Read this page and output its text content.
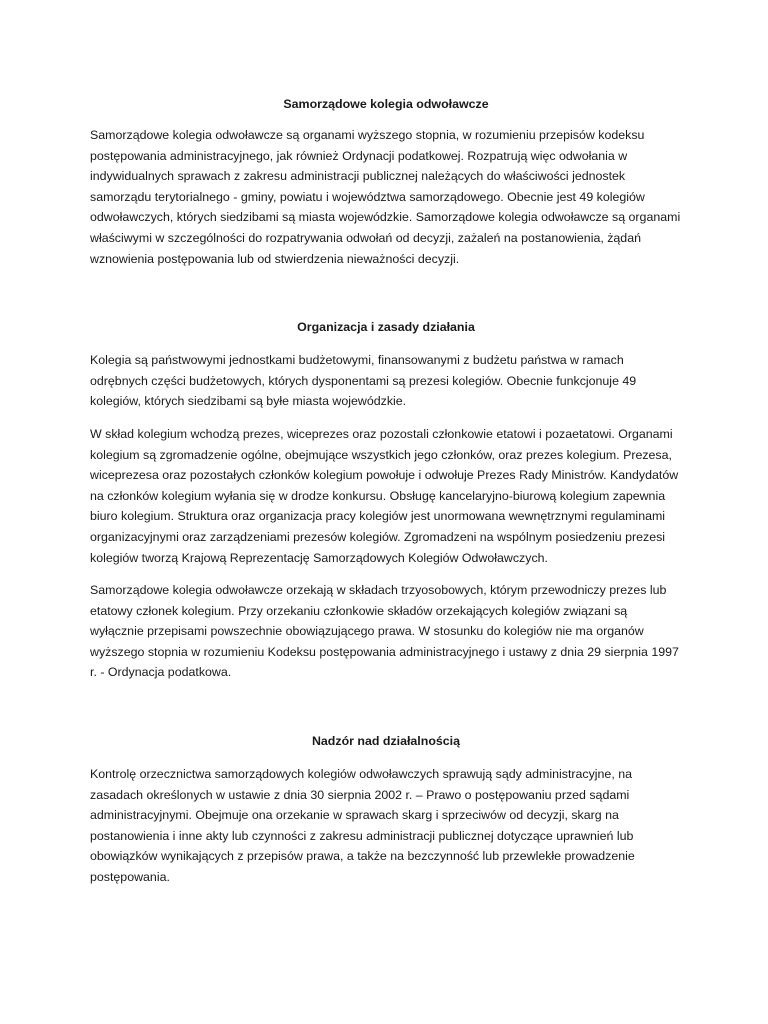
Samorządowe kolegia odwoławcze

Samorządowe kolegia odwoławcze są organami wyższego stopnia, w rozumieniu przepisów kodeksu postępowania administracyjnego, jak również Ordynacji podatkowej. Rozpatrują więc odwołania w indywidualnych sprawach z zakresu administracji publicznej należących do właściwości jednostek samorządu terytorialnego - gminy, powiatu i województwa samorządowego. Obecnie jest 49 kolegiów odwoławczych, których siedzibami są miasta wojewódzkie. Samorządowe kolegia odwoławcze są organami właściwymi w szczególności do rozpatrywania odwołań od decyzji, zażaleń na postanowienia, żądań wznowienia postępowania lub od stwierdzenia nieważności decyzji.

Organizacja i zasady działania

Kolegia są państwowymi jednostkami budżetowymi, finansowanymi z budżetu państwa w ramach odrębnych części budżetowych, których dysponentami są prezesi kolegiów. Obecnie funkcjonuje 49 kolegiów, których siedzibami są byłe miasta wojewódzkie.

W skład kolegium wchodzą prezes, wiceprezes oraz pozostali członkowie etatowi i pozaetatowi. Organami kolegium są zgromadzenie ogólne, obejmujące wszystkich jego członków, oraz prezes kolegium. Prezesa, wiceprezesa oraz pozostałych członków kolegium powołuje i odwołuje Prezes Rady Ministrów. Kandydatów na członków kolegium wyłania się w drodze konkursu. Obsługę kancelaryjno-biurową kolegium zapewnia biuro kolegium. Struktura oraz organizacja pracy kolegiów jest unormowana wewnętrznymi regulaminami organizacyjnymi oraz zarządzeniami prezesów kolegiów. Zgromadzeni na wspólnym posiedzeniu prezesi kolegiów tworzą Krajową Reprezentację Samorządowych Kolegiów Odwoławczych.

Samorządowe kolegia odwoławcze orzekają w składach trzyosobowych, którym przewodniczy prezes lub etatowy członek kolegium. Przy orzekaniu członkowie składów orzekających kolegiów związani są wyłącznie przepisami powszechnie obowiązującego prawa. W stosunku do kolegiów nie ma organów wyższego stopnia w rozumieniu Kodeksu postępowania administracyjnego i ustawy z dnia 29 sierpnia 1997 r. - Ordynacja podatkowa.

Nadzór nad działalnością

Kontrolę orzecznictwa samorządowych kolegiów odwoławczych sprawują sądy administracyjne, na zasadach określonych w ustawie z dnia 30 sierpnia 2002 r. – Prawo o postępowaniu przed sądami administracyjnymi. Obejmuje ona orzekanie w sprawach skarg i sprzeciwów od decyzji, skarg na postanowienia i inne akty lub czynności z zakresu administracji publicznej dotyczące uprawnień lub obowiązków wynikających z przepisów prawa, a także na bezczynność lub przewlekłe prowadzenie postępowania.
